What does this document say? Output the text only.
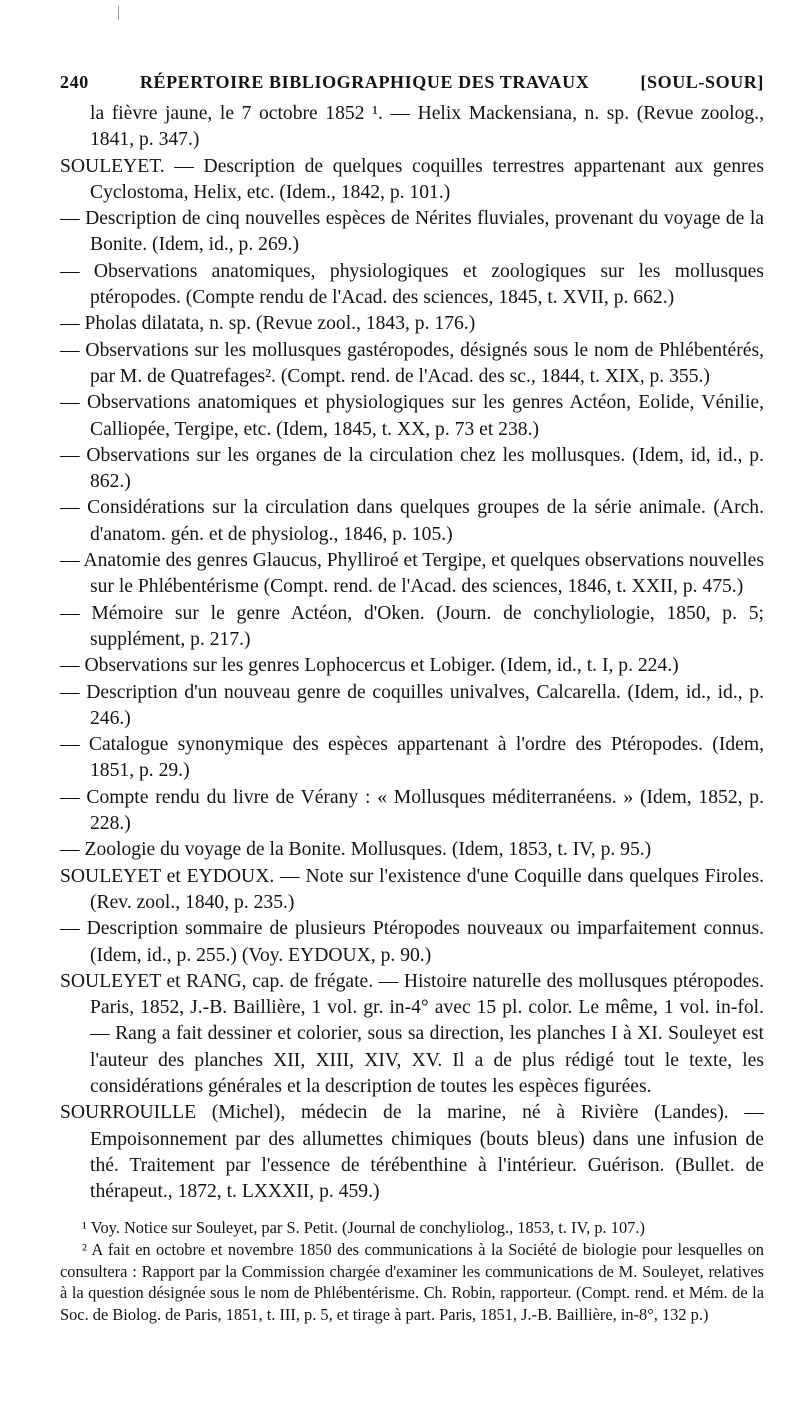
240	RÉPERTOIRE BIBLIOGRAPHIQUE DES TRAVAUX	[SOUL-SOUR]

la fièvre jaune, le 7 octobre 1852 ¹. — Helix Mackensiana, n. sp. (Revue zoolog., 1841, p. 347.)

SOULEYET. — Description de quelques coquilles terrestres appartenant aux genres Cyclostoma, Helix, etc. (Idem., 1842, p. 101.)

— Description de cinq nouvelles espèces de Nérites fluviales, provenant du voyage de la Bonite. (Idem, id., p. 269.)

— Observations anatomiques, physiologiques et zoologiques sur les mollusques ptéropodes. (Compte rendu de l'Acad. des sciences, 1845, t. XVII, p. 662.)

— Pholas dilatata, n. sp. (Revue zool., 1843, p. 176.)

— Observations sur les mollusques gastéropodes, désignés sous le nom de Phlébentérés, par M. de Quatrefages². (Compt. rend. de l'Acad. des sc., 1844, t. XIX, p. 355.)

— Observations anatomiques et physiologiques sur les genres Actéon, Eolide, Vénilie, Calliopée, Tergipe, etc. (Idem, 1845, t. XX, p. 73 et 238.)

— Observations sur les organes de la circulation chez les mollusques. (Idem, id, id., p. 862.)

— Considérations sur la circulation dans quelques groupes de la série animale. (Arch. d'anatom. gén. et de physiolog., 1846, p. 105.)

— Anatomie des genres Glaucus, Phylliroé et Tergipe, et quelques observations nouvelles sur le Phlébentérisme (Compt. rend. de l'Acad. des sciences, 1846, t. XXII, p. 475.)

— Mémoire sur le genre Actéon, d'Oken. (Journ. de conchyliologie, 1850, p. 5; supplément, p. 217.)

— Observations sur les genres Lophocercus et Lobiger. (Idem, id., t. I, p. 224.)

— Description d'un nouveau genre de coquilles univalves, Calcarella. (Idem, id., id., p. 246.)

— Catalogue synonymique des espèces appartenant à l'ordre des Ptéropodes. (Idem, 1851, p. 29.)

— Compte rendu du livre de Vérany : « Mollusques méditerranéens. » (Idem, 1852, p. 228.)

— Zoologie du voyage de la Bonite. Mollusques. (Idem, 1853, t. IV, p. 95.)

SOULEYET et EYDOUX. — Note sur l'existence d'une Coquille dans quelques Firoles. (Rev. zool., 1840, p. 235.)

— Description sommaire de plusieurs Ptéropodes nouveaux ou imparfaitement connus. (Idem, id., p. 255.) (Voy. EYDOUX, p. 90.)

SOULEYET et RANG, cap. de frégate. — Histoire naturelle des mollusques ptéropodes. Paris, 1852, J.-B. Baillière, 1 vol. gr. in-4° avec 15 pl. color. Le même, 1 vol. in-fol. — Rang a fait dessiner et colorier, sous sa direction, les planches I à XI. Souleyet est l'auteur des planches XII, XIII, XIV, XV. Il a de plus rédigé tout le texte, les considérations générales et la description de toutes les espèces figurées.

SOURROUILLE (Michel), médecin de la marine, né à Rivière (Landes). — Empoisonnement par des allumettes chimiques (bouts bleus) dans une infusion de thé. Traitement par l'essence de térébenthine à l'intérieur. Guérison. (Bullet. de thérapeut., 1872, t. LXXXII, p. 459.)

¹ Voy. Notice sur Souleyet, par S. Petit. (Journal de conchyliolog., 1853, t. IV, p. 107.)

² A fait en octobre et novembre 1850 des communications à la Société de biologie pour lesquelles on consultera : Rapport par la Commission chargée d'examiner les communications de M. Souleyet, relatives à la question désignée sous le nom de Phlébentérisme. Ch. Robin, rapporteur. (Compt. rend. et Mém. de la Soc. de Biolog. de Paris, 1851, t. III, p. 5, et tirage à part. Paris, 1851, J.-B. Baillière, in-8°, 132 p.)
